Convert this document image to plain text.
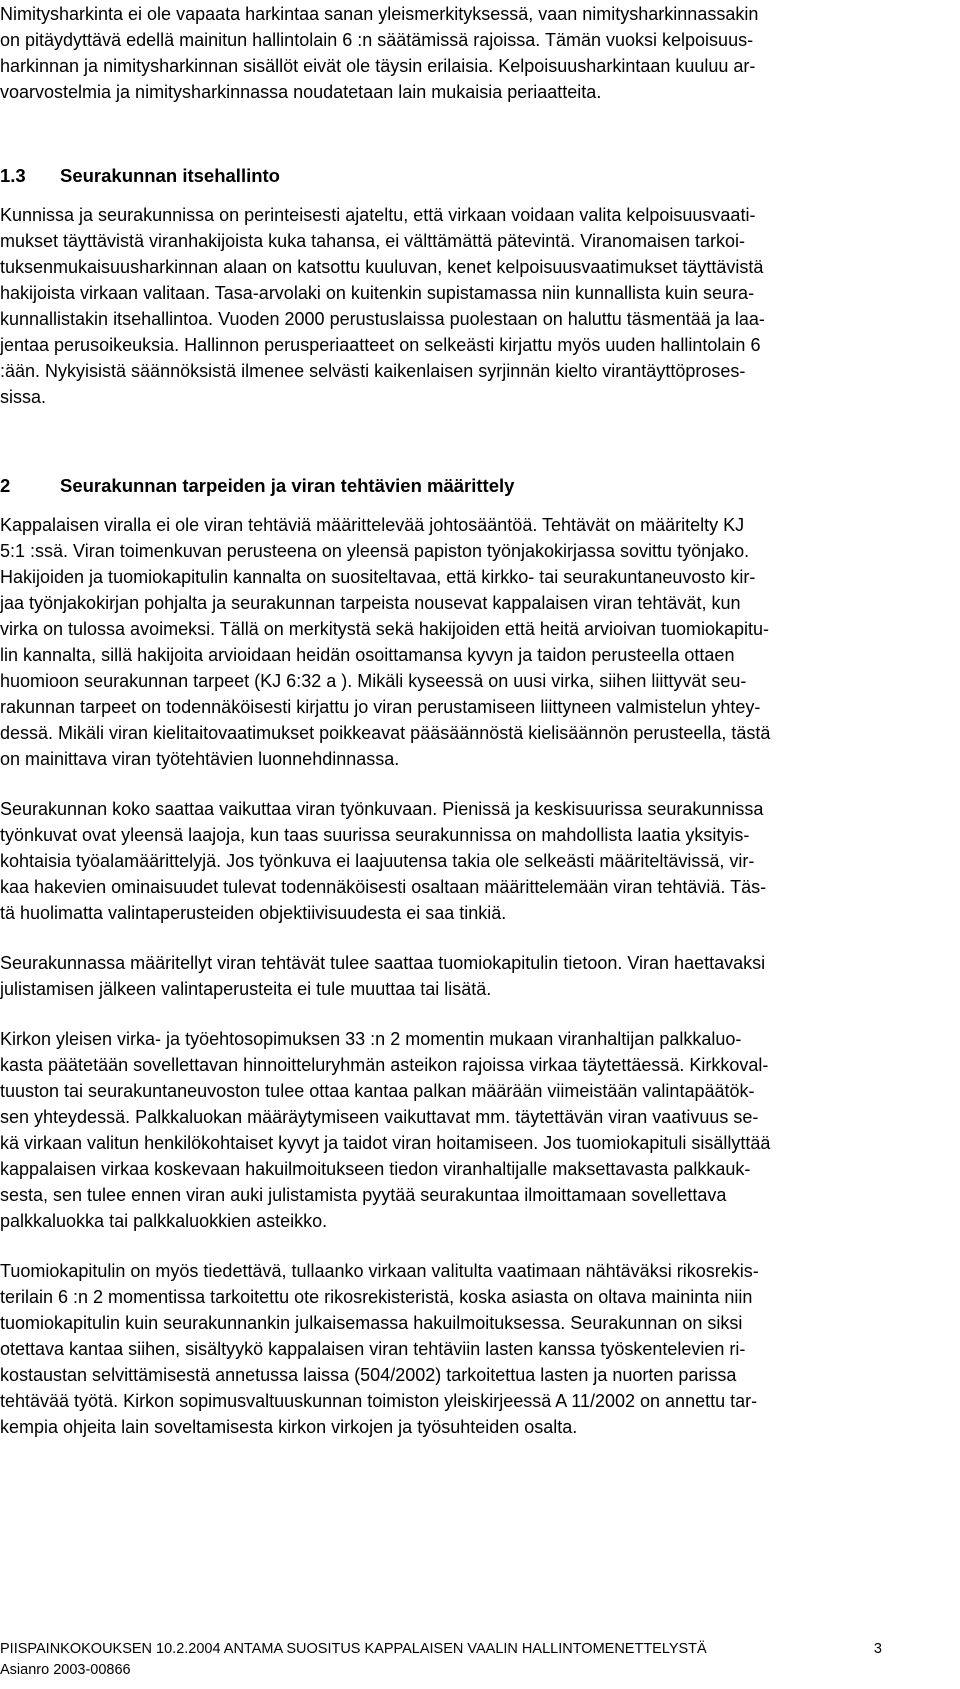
Nimitysharkinta ei ole vapaata harkintaa sanan yleismerkityksessä, vaan nimitysharkinnassakin

on pitäydyttävä edellä mainitun hallintolain 6 :n säätämissä rajoissa. Tämän vuoksi kelpoisuus-

harkinnan ja nimitysharkinnan sisällöt eivät ole täysin erilaisia. Kelpoisuusharkintaan kuuluu ar-

voarvostelmia ja nimitysharkinnassa noudatetaan lain mukaisia periaatteita.

1.3 Seurakunnan itsehallinto

Kunnissa ja seurakunnissa on perinteisesti ajateltu, että virkaan voidaan valita kelpoisuusvaati-

mukset täyttävistä viranhakijoista kuka tahansa, ei välttämättä pätevintä. Viranomaisen tarkoi-

tuksenmukaisuusharkinnan alaan on katsottu kuuluvan, kenet kelpoisuusvaatimukset täyttävistä

hakijoista virkaan valitaan. Tasa-arvolaki on kuitenkin supistamassa niin kunnallista kuin seura-

kunnallistakin itsehallintoa. Vuoden 2000 perustuslaissa puolestaan on haluttu täsmentää ja laa-

jentaa perusoikeuksia. Hallinnon perusperiaatteet on selkeästi kirjattu myös uuden hallintolain 6

:ään. Nykyisistä säännöksistä ilmenee selvästi kaikenlaisen syrjinnän kielto virantäyttöproses-

sissa.

2	Seurakunnan tarpeiden ja viran tehtävien määrittely

Kappalaisen viralla ei ole viran tehtäviä määrittelevää johtosääntöä. Tehtävät on määritelty KJ

5:1 :ssä. Viran toimenkuvan perusteena on yleensä papiston työnjakokirjassa sovittu työnjako.

Hakijoiden ja tuomiokapitulin kannalta on suositeltavaa, että kirkko- tai seurakuntaneuvosto kir-

jaa työnjakokirjan pohjalta ja seurakunnan tarpeista nousevat kappalaisen viran tehtävät, kun

virka on tulossa avoimeksi. Tällä on merkitystä sekä hakijoiden että heitä arvioivan tuomiokapitu-

lin kannalta, sillä hakijoita arvioidaan heidän osoittamansa kyvyn ja taidon perusteella ottaen

huomioon seurakunnan tarpeet (KJ 6:32 a ). Mikäli kyseessä on uusi virka, siihen liittyvät seu-

rakunnan tarpeet on todennäköisesti kirjattu jo viran perustamiseen liittyneen valmistelun yhtey-

dessä. Mikäli viran kielitaitovaatimukset poikkeavat pääsäännöstä kielisäännön perusteella, tästä

on mainittava viran työtehtävien luonnehdinnassa.

Seurakunnan koko saattaa vaikuttaa viran työnkuvaan. Pienissä ja keskisuurissa seurakunnissa

työnkuvat ovat yleensä laajoja, kun taas suurissa seurakunnissa on mahdollista laatia yksityis-

kohtaisia työalamäärittelyjä. Jos työnkuva ei laajuutensa takia ole selkeästi määriteltävissä, vir-

kaa hakevien ominaisuudet tulevat todennäköisesti osaltaan määrittelemään viran tehtäviä. Täs-

tä huolimatta valintaperusteiden objektiivisuudesta ei saa tinkiä.

Seurakunnassa määritellyt viran tehtävät tulee saattaa tuomiokapitulin tietoon. Viran haettavaksi

julistamisen jälkeen valintaperusteita ei tule muuttaa tai lisätä.

Kirkon yleisen virka- ja työehtosopimuksen 33 :n 2 momentin mukaan viranhaltijan palkkaluo-

kasta päätetään sovellettavan hinnoitteluryhmän asteikon rajoissa virkaa täytettäessä. Kirkkoval-

tuuston tai seurakuntaneuvoston tulee ottaa kantaa palkan määrään viimeistään valintapäätök-

sen yhteydessä. Palkkaluokan määräytymiseen vaikuttavat mm. täytettävän viran vaativuus se-

kä virkaan valitun henkilökohtaiset kyvyt ja taidot viran hoitamiseen. Jos tuomiokapituli sisällyttää

kappalaisen virkaa koskevaan hakuilmoitukseen tiedon viranhaltijalle maksettavasta palkkauk-

sesta, sen tulee ennen viran auki julistamista pyytää seurakuntaa ilmoittamaan sovellettava

palkkaluokka tai palkkaluokkien asteikko.

Tuomiokapitulin on myös tiedettävä, tullaanko virkaan valitulta vaatimaan nähtäväksi rikosrekis-

terilain 6 :n 2 momentissa tarkoitettu ote rikosrekisteristä, koska asiasta on oltava maininta niin

tuomiokapitulin kuin seurakunnankin julkaisemassa hakuilmoituksessa. Seurakunnan on siksi

otettava kantaa siihen, sisältyykö kappalaisen viran tehtäviin lasten kanssa työskentelevien ri-

kostaustan selvittämisestä annetussa laissa (504/2002) tarkoitettua lasten ja nuorten parissa

tehtävää työtä. Kirkon sopimusvaltuuskunnan toimiston yleiskirjeessä A 11/2002 on annettu tar-

kempia ohjeita lain soveltamisesta kirkon virkojen ja työsuhteiden osalta.

PIISPAINKOKOUKSEN 10.2.2004 ANTAMA SUOSITUS KAPPALAISEN VAALIN HALLINTOMENETTELYSTÄ	3

Asianro 2003-00866
